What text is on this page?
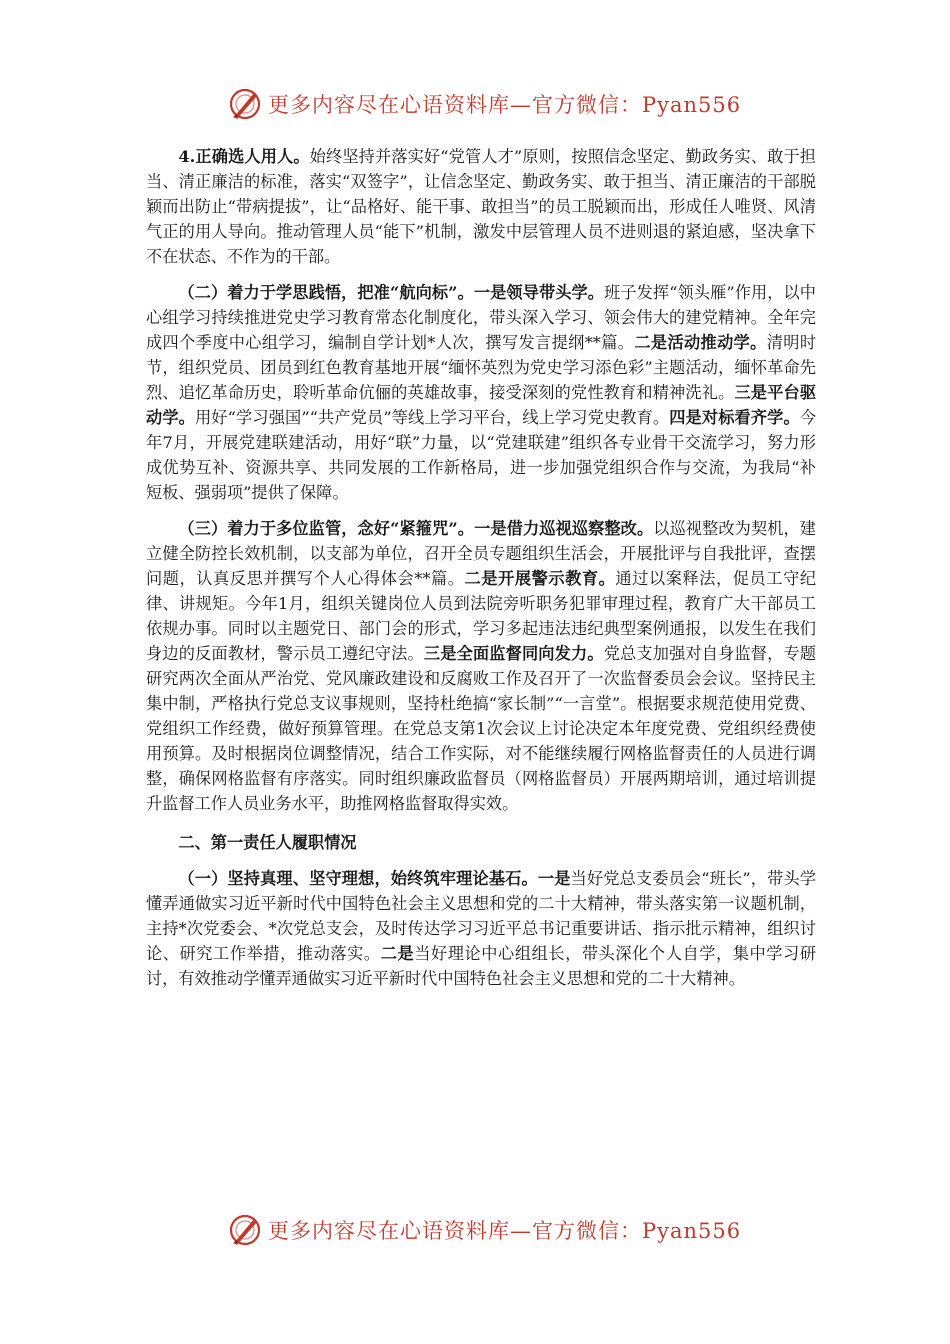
更多内容尽在心语资料库—官方微信：Pyan556

4.正确选人用人。始终坚持并落实好“党管人才”原则，按照信念坚定、勤政务实、敢于担当、清正廉洁的标准，落实“双签字”，让信念坚定、勤政务实、敢于担当、清正廉洁的干部脱颖而出防止“带病提拔”，让“品格好、能干事、敢担当”的员工脱颖而出，形成任人唯贤、风清气正的用人导向。推动管理人员“能下”机制，激发中层管理人员不进则退的紧迫感，坚决拿下不在状态、不作为的干部。

（二）着力于学思践悟，把准“航向标”。一是领导带头学。班子发挥“领头雁”作用，以中心组学习持续推进党史学习教育常态化制度化，带头深入学习、领会伟大的建党精神。全年完成四个季度中心组学习，编制自学计划*人次，撰写发言提纲**篇。二是活动推动学。清明时节，组织党员、团员到红色教育基地开展“缅怀英烈为党史学习添色彩”主题活动，缅怀革命先烈、追忆革命历史，聆听革命伉俪的英雄故事，接受深刻的党性教育和精神洗礼。三是平台驱动学。用好“学习强国”“共产党员”等线上学习平台，线上学习党史教育。四是对标看齐学。今年7月，开展党建联建活动，用好“联”力量，以“党建联建”组织各专业骨干交流学习，努力形成优势互补、资源共享、共同发展的工作新格局，进一步加强党组织合作与交流，为我局“补短板、强弱项”提供了保障。

（三）着力于多位监管，念好“紧箍咒”。一是借力巡视巡察整改。以巡视整改为契机，建立健全防控长效机制，以支部为单位，召开全员专题组织生活会，开展批评与自我批评，查摆问题，认真反思并撰写个人心得体会**篇。二是开展警示教育。通过以案释法，促员工守纪律、讲规矩。今年1月，组织关键岗位人员到法院旁听职务犯罪审理过程，教育广大干部员工依规办事。同时以主题党日、部门会的形式，学习多起违法违纪典型案例通报，以发生在我们身边的反面教材，警示员工遵纪守法。三是全面监督同向发力。党总支加强对自身监督，专题研究两次全面从严治党、党风廉政建设和反腐败工作及召开了一次监督委员会会议。坚持民主集中制，严格执行党总支议事规则，坚持杜绝搞“家长制”“一言堂”。根据要求规范使用党费、党组织工作经费，做好预算管理。在党总支第1次会议上讨论决定本年度党费、党组织经费使用预算。及时根据岗位调整情况，结合工作实际，对不能继续履行网格监督责任的人员进行调整，确保网格监督有序落实。同时组织廉政监督员（网格监督员）开展两期培训，通过培训提升监督工作人员业务水平，助推网格监督取得实效。

二、第一责任人履职情况

（一）坚持真理、坚守理想，始终筑牢理论基石。一是当好党总支委员会“班长”，带头学懂弄通做实习近平新时代中国特色社会主义思想和党的二十大精神，带头落实第一议题机制，主持*次党委会、*次党总支会，及时传达学习习近平总书记重要讲话、指示批示精神，组织讨论、研究工作举措，推动落实。二是当好理论中心组组长，带头深化个人自学，集中学习研讨，有效推动学懂弄通做实习近平新时代中国特色社会主义思想和党的二十大精神。

更多内容尽在心语资料库—官方微信：Pyan556
